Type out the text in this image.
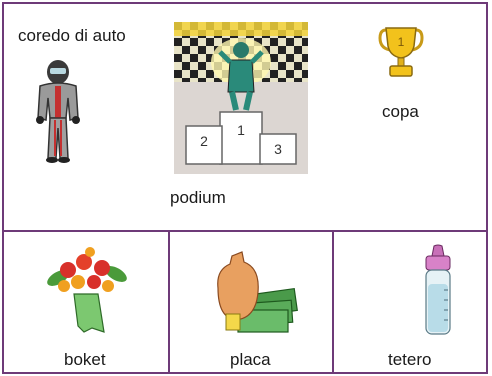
coredo di auto
1
2	3
podium
1
copa
boket	placa	tetero
